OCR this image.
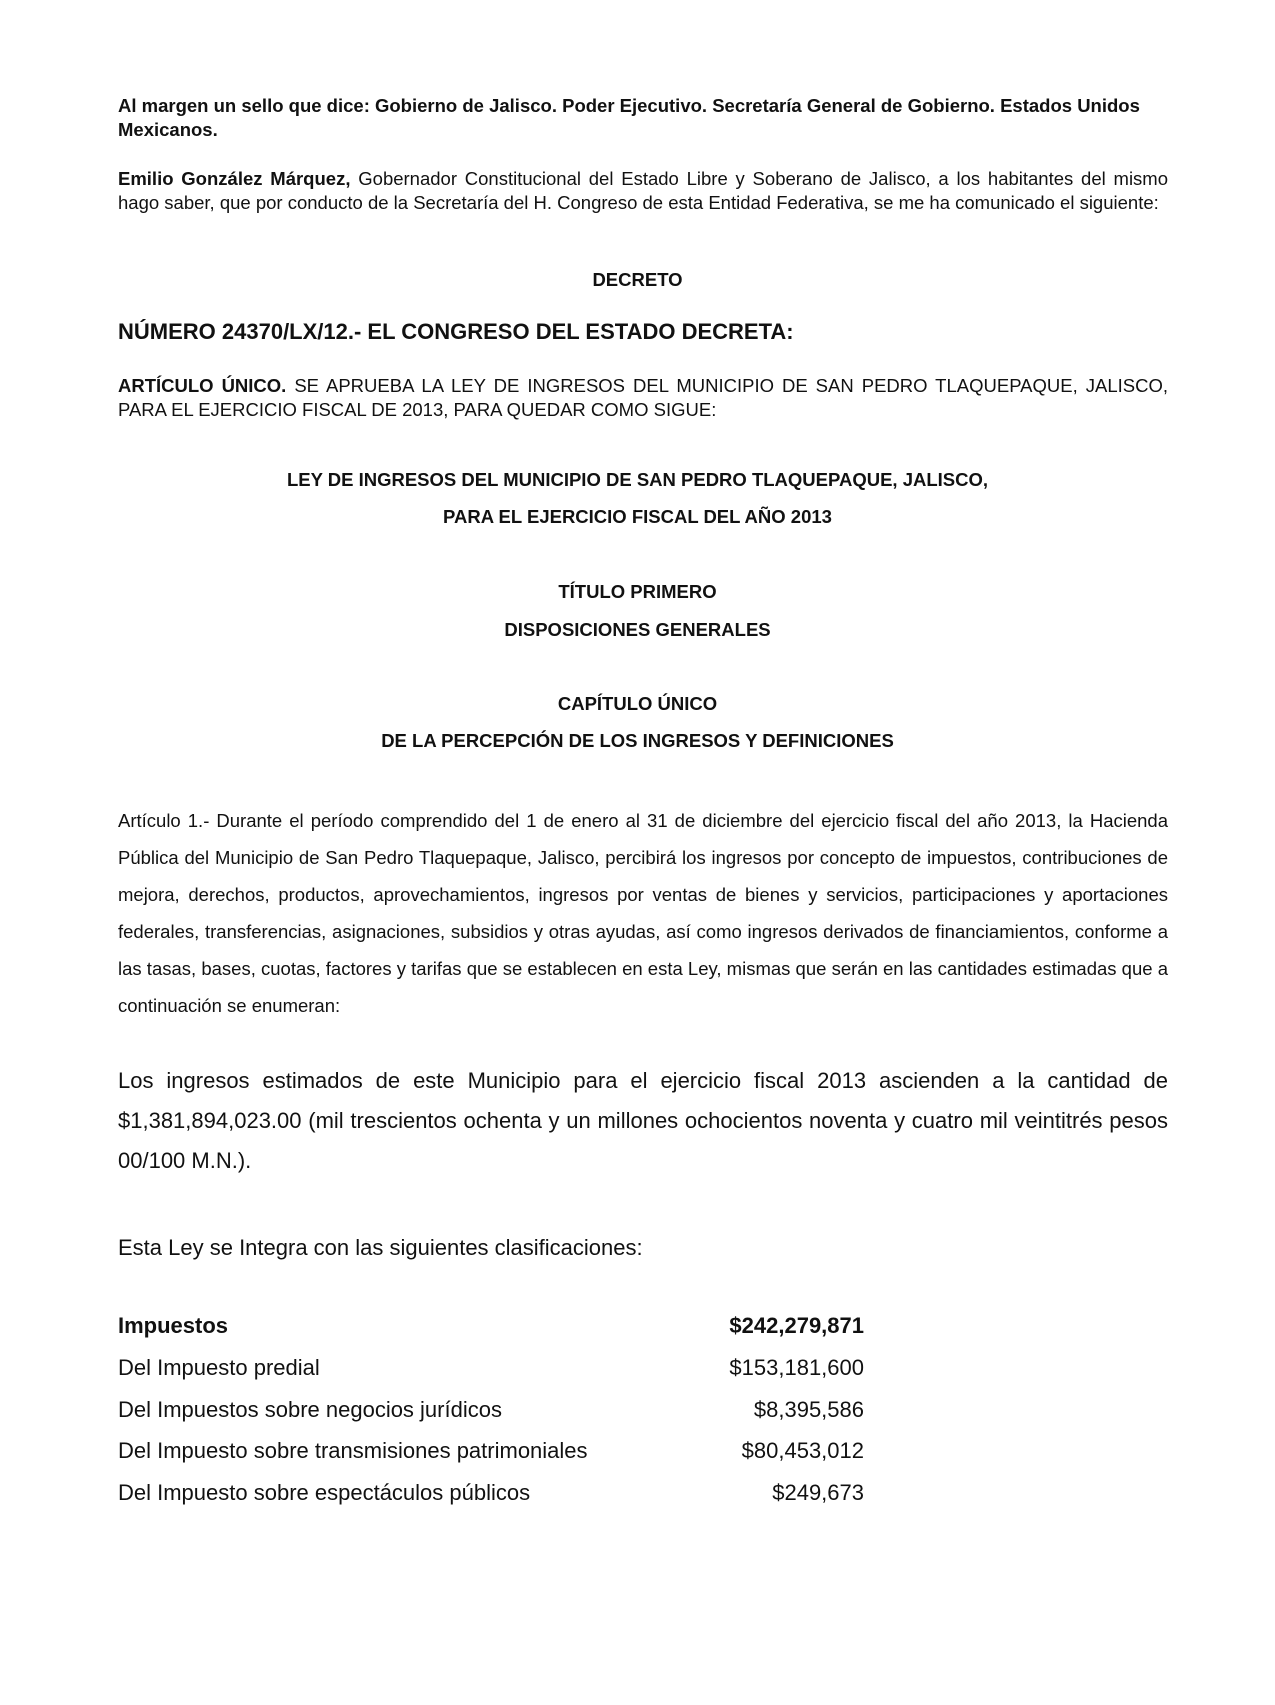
Al margen un sello que dice: Gobierno de Jalisco. Poder Ejecutivo. Secretaría General de Gobierno. Estados Unidos Mexicanos.
Emilio González Márquez, Gobernador Constitucional del Estado Libre y Soberano de Jalisco, a los habitantes del mismo hago saber, que por conducto de la Secretaría del H. Congreso de esta Entidad Federativa, se me ha comunicado el siguiente:
DECRETO
NÚMERO 24370/LX/12.- EL CONGRESO DEL ESTADO DECRETA:
ARTÍCULO ÚNICO. SE APRUEBA LA LEY DE INGRESOS DEL MUNICIPIO DE SAN PEDRO TLAQUEPAQUE, JALISCO, PARA EL EJERCICIO FISCAL DE 2013, PARA QUEDAR COMO SIGUE:
LEY DE INGRESOS DEL MUNICIPIO DE SAN PEDRO TLAQUEPAQUE, JALISCO,
PARA EL EJERCICIO FISCAL DEL AÑO 2013
TÍTULO PRIMERO
DISPOSICIONES GENERALES
CAPÍTULO ÚNICO
DE LA PERCEPCIÓN DE LOS INGRESOS Y DEFINICIONES
Artículo 1.- Durante el período comprendido del 1 de enero al 31 de diciembre del ejercicio fiscal del año 2013, la Hacienda Pública del Municipio de San Pedro Tlaquepaque, Jalisco, percibirá los ingresos por concepto de impuestos, contribuciones de mejora, derechos, productos, aprovechamientos, ingresos por ventas de bienes y servicios, participaciones y aportaciones federales, transferencias, asignaciones, subsidios y otras ayudas, así como ingresos derivados de financiamientos, conforme a las tasas, bases, cuotas, factores y tarifas que se establecen en esta Ley, mismas que serán en las cantidades estimadas que a continuación se enumeran:
Los ingresos estimados de este Municipio para el ejercicio fiscal 2013 ascienden a la cantidad de $1,381,894,023.00 (mil trescientos ochenta y un millones ochocientos noventa y cuatro mil veintitrés pesos 00/100 M.N.).
Esta Ley se Integra con las siguientes clasificaciones:
Impuestos	$242,279,871
Del Impuesto predial	$153,181,600
Del Impuestos sobre negocios jurídicos	$8,395,586
Del Impuesto sobre transmisiones patrimoniales	$80,453,012
Del Impuesto sobre espectáculos públicos	$249,673
